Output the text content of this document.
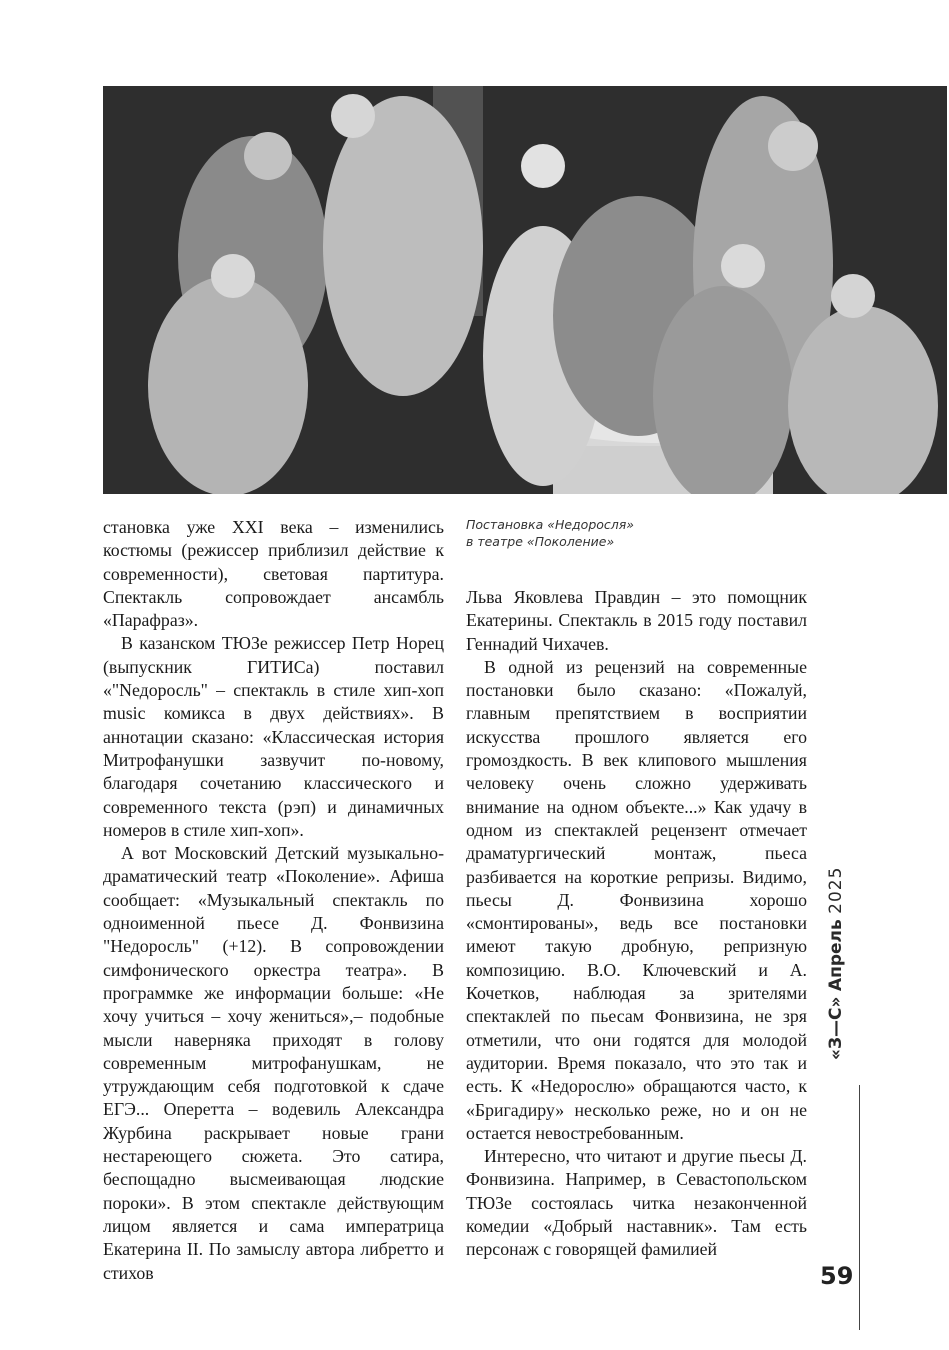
Постановка «Недоросля»
в театре «Поколение»

становка уже XXI века – изменились костюмы (режиссер приблизил действие к современности), световая партитура. Спектакль сопровождает ансамбль «Парафраз».

В казанском ТЮЗе режиссер Петр Норец (выпускник ГИТИСа) поставил «"Nедоросль" – спектакль в стиле хип-хоп music комикса в двух действиях». В аннотации сказано: «Классическая история Митрофанушки зазвучит по-новому, благодаря сочетанию классического и современного текста (рэп) и динамичных номеров в стиле хип-хоп».

А вот Московский Детский музыкально-драматический театр «Поколение». Афиша сообщает: «Музыкальный спектакль по одноименной пьесе Д. Фонвизина "Недоросль" (+12). В сопровождении симфонического оркестра театра». В программке же информации больше: «Не хочу учиться – хочу жениться»,– подобные мысли наверняка приходят в голову современным митрофанушкам, не утруждающим себя подготовкой к сдаче ЕГЭ... Оперетта – водевиль Александра Журбина раскрывает новые грани нестареющего сюжета. Это сатира, беспощадно высмеивающая людские пороки». В этом спектакле действующим лицом является и сама императрица Екатерина II. По замыслу автора либретто и стихов

Льва Яковлева Правдин – это помощник Екатерины. Спектакль в 2015 году поставил Геннадий Чихачев.

В одной из рецензий на современные постановки было сказано: «Пожалуй, главным препятствием в восприятии искусства прошлого является его громоздкость. В век клипового мышления человеку очень сложно удерживать внимание на одном объекте...» Как удачу в одном из спектаклей рецензент отмечает драматургический монтаж, пьеса разбивается на короткие репризы. Видимо, пьесы Д. Фонвизина хорошо «смонтированы», ведь все постановки имеют такую дробную, репризную композицию. В.О. Ключевский и А. Кочетков, наблюдая за зрителями спектаклей по пьесам Фонвизина, не зря отметили, что они годятся для молодой аудитории. Время показало, что это так и есть. К «Недорослю» обращаются часто, к «Бригадиру» несколько реже, но и он не остается невостребованным.

Интересно, что читают и другие пьесы Д. Фонвизина. Например, в Севастопольском ТЮЗе состоялась читка незаконченной комедии «Добрый наставник». Там есть персонаж с говорящей фамилией

«З—С» Апрель 2025
59
